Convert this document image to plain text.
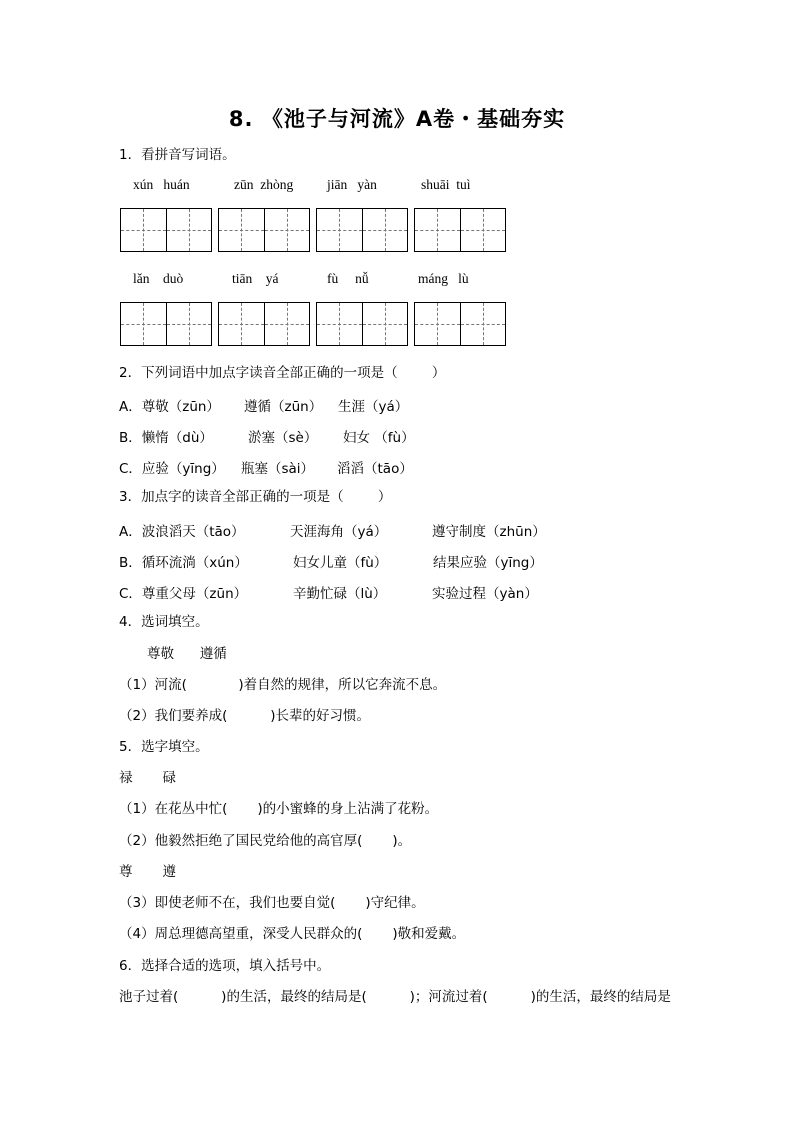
8. 《池子与河流》A卷・基础夯实
1．看拼音写词语。
xún   huán	zūn  zhòng	jiān   yàn	shuāi  tuì
lǎn    duò	tiān    yá	fù     nǚ	máng   lù
2．下列词语中加点字读音全部正确的一项是（        ）
A．尊敬（zūn） 遵循（zūn） 生涯（yá）
B．懒惰（dù）	淤塞（sè） 妇女 （fù）
C．应验（yīng） 瓶塞（sài） 滔滔（tāo）
3．加点字的读音全部正确的一项是（        ）
A．波浪滔天（tāo）	天涯海角（yá）	遵守制度（zhūn）
B．循环流淌（xún）	妇女儿童（fù）	结果应验（yīng）
C．尊重父母（zūn）	辛勤忙碌（lù）	实验过程（yàn）
4．选词填空。
尊敬      遵循
（1）河流(            )着自然的规律，所以它奔流不息。
（2）我们要养成(          )长辈的好习惯。
5．选字填空。
禄       碌
（1）在花丛中忙(       )的小蜜蜂的身上沾满了花粉。
（2）他毅然拒绝了国民党给他的高官厚(       )。
尊       遵
（3）即使老师不在，我们也要自觉(       )守纪律。
（4）周总理德高望重，深受人民群众的(       )敬和爱戴。
6．选择合适的选项，填入括号中。
池子过着(          )的生活，最终的结局是(          )；河流过着(          )的生活，最终的结局是
